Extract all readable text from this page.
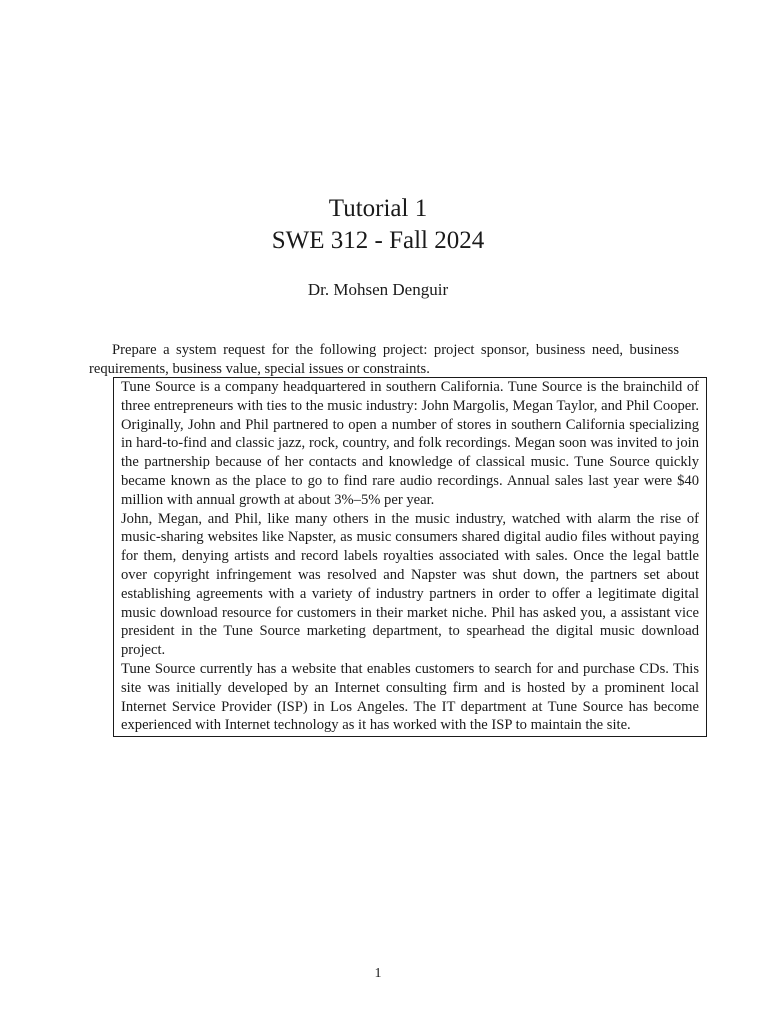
Tutorial 1
SWE 312 - Fall 2024
Dr. Mohsen Denguir
Prepare a system request for the following project: project sponsor, business need, business requirements, business value, special issues or constraints.

Tune Source is a company headquartered in southern California. Tune Source is the brainchild of three entrepreneurs with ties to the music industry: John Margolis, Megan Taylor, and Phil Cooper. Originally, John and Phil partnered to open a number of stores in southern California specializing in hard-to-find and classic jazz, rock, country, and folk recordings. Megan soon was invited to join the partnership because of her contacts and knowledge of classical music. Tune Source quickly became known as the place to go to find rare audio recordings. Annual sales last year were $40 million with annual growth at about 3%–5% per year.

John, Megan, and Phil, like many others in the music industry, watched with alarm the rise of music-sharing websites like Napster, as music consumers shared digital audio files without paying for them, denying artists and record labels royalties associated with sales. Once the legal battle over copyright infringement was resolved and Napster was shut down, the partners set about establishing agreements with a variety of industry partners in order to offer a legitimate digital music download resource for customers in their market niche. Phil has asked you, a assistant vice president in the Tune Source marketing department, to spearhead the digital music download project.

Tune Source currently has a website that enables customers to search for and purchase CDs. This site was initially developed by an Internet consulting firm and is hosted by a prominent local Internet Service Provider (ISP) in Los Angeles. The IT department at Tune Source has become experienced with Internet technology as it has worked with the ISP to maintain the site.

1
